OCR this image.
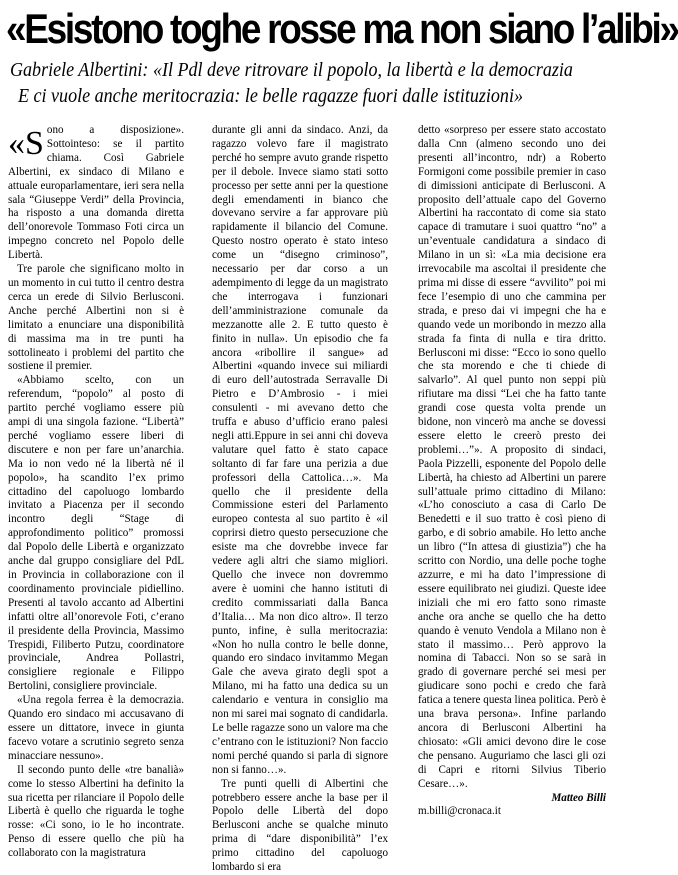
«Esistono toghe rosse ma non siano l’alibi»
Gabriele Albertini: «Il Pdl deve ritrovare il popolo, la libertà e la democrazia
E ci vuole anche meritocrazia: le belle ragazze fuori dalle istituzioni»

«Sono a disposizione». Sottointeso: se il partito chiama. Così Gabriele Albertini, ex sindaco di Milano e attuale europarlamentare, ieri sera nella sala “Giuseppe Verdi” della Provincia, ha risposto a una domanda diretta dell’onorevole Tommaso Foti circa un impegno concreto nel Popolo delle Libertà.

Tre parole che significano molto in un momento in cui tutto il centro destra cerca un erede di Silvio Berlusconi. Anche perché Albertini non si è limitato a enunciare una disponibilità di massima ma in tre punti ha sottolineato i problemi del partito che sostiene il premier.

«Abbiamo scelto, con un referendum, “popolo” al posto di partito perché vogliamo essere più ampi di una singola fazione. “Libertà” perché vogliamo essere liberi di discutere e non per fare un’anarchia. Ma io non vedo né la libertà né il popolo», ha scandito l’ex primo cittadino del capoluogo lombardo invitato a Piacenza per il secondo incontro degli “Stage di approfondimento politico” promossi dal Popolo delle Libertà e organizzato anche dal gruppo consigliare del PdL in Provincia in collaborazione con il coordinamento provinciale pidiellino. Presenti al tavolo accanto ad Albertini infatti oltre all’onorevole Foti, c’erano il presidente della Provincia, Massimo Trespidi, Filiberto Putzu, coordinatore provinciale, Andrea Pollastri, consigliere regionale e Filippo Bertolini, consigliere provinciale.

«Una regola ferrea è la democrazia. Quando ero sindaco mi accusavano di essere un dittatore, invece in giunta facevo votare a scrutinio segreto senza minacciare nessuno».

Il secondo punto delle «tre banalià» come lo stesso Albertini ha definito la sua ricetta per rilanciare il Popolo delle Libertà è quello che riguarda le toghe rosse: «Ci sono, io le ho incontrate. Penso di essere quello che più ha collaborato con la magistratura

durante gli anni da sindaco. Anzi, da ragazzo volevo fare il magistrato perché ho sempre avuto grande rispetto per il debole. Invece siamo stati sotto processo per sette anni per la questione degli emendamenti in bianco che dovevano servire a far approvare più rapidamente il bilancio del Comune. Questo nostro operato è stato inteso come un “disegno criminoso”, necessario per dar corso a un adempimento di legge da un magistrato che interrogava i funzionari dell’amministrazione comunale da mezzanotte alle 2. E tutto questo è finito in nulla». Un episodio che fa ancora «ribollire il sangue» ad Albertini «quando invece sui miliardi di euro dell’autostrada Serravalle Di Pietro e D’Ambrosio - i miei consulenti - mi avevano detto che truffa e abuso d’ufficio erano palesi negli atti.Eppure in sei anni chi doveva valutare quel fatto è stato capace soltanto di far fare una perizia a due professori della Cattolica…». Ma quello che il presidente della Commissione esteri del Parlamento europeo contesta al suo partito è «il coprirsi dietro questo persecuzione che esiste ma che dovrebbe invece far vedere agli altri che siamo migliori. Quello che invece non dovremmo avere è uomini che hanno istituti di credito commissariati dalla Banca d’Italia… Ma non dico altro». Il terzo punto, infine, è sulla meritocrazia: «Non ho nulla contro le belle donne, quando ero sindaco invitammo Megan Gale che aveva girato degli spot a Milano, mi ha fatto una dedica su un calendario e ventura in consiglio ma non mi sarei mai sognato di candidarla. Le belle ragazze sono un valore ma che c’entrano con le istituzioni? Non faccio nomi perché quando si parla di signore non si fanno…».

Tre punti quelli di Albertini che potrebbero essere anche la base per il Popolo delle Libertà del dopo Berlusconi anche se qualche minuto prima di “dare disponibilità” l’ex primo cittadino del capoluogo lombardo si era

detto «sorpreso per essere stato accostato dalla Cnn (almeno secondo uno dei presenti all’incontro, ndr) a Roberto Formigoni come possibile premier in caso di dimissioni anticipate di Berlusconi. A proposito dell’attuale capo del Governo Albertini ha raccontato di come sia stato capace di tramutare i suoi quattro “no” a un’eventuale candidatura a sindaco di Milano in un sì: «La mia decisione era irrevocabile ma ascoltai il presidente che prima mi disse di essere “avvilito” poi mi fece l’esempio di uno che cammina per strada, e preso dai vi impegni che ha e quando vede un moribondo in mezzo alla strada fa finta di nulla e tira dritto. Berlusconi mi disse: “Ecco io sono quello che sta morendo e che ti chiede di salvarlo”. Al quel punto non seppi più rifiutare ma dissi “Lei che ha fatto tante grandi cose questa volta prende un bidone, non vincerò ma anche se dovessi essere eletto le creerò presto dei problemi…”». A proposito di sindaci, Paola Pizzelli, esponente del Popolo delle Libertà, ha chiesto ad Albertini un parere sull’attuale primo cittadino di Milano: «L’ho conosciuto a casa di Carlo De Benedetti e il suo tratto è così pieno di garbo, e di sobrio amabile. Ho letto anche un libro (“In attesa di giustizia”) che ha scritto con Nordio, una delle poche toghe azzurre, e mi ha dato l’impressione di essere equilibrato nei giudizi. Queste idee iniziali che mi ero fatto sono rimaste anche ora anche se quello che ha detto quando è venuto Vendola a Milano non è stato il massimo… Però approvo la nomina di Tabacci. Non so se sarà in grado di governare perché sei mesi per giudicare sono pochi e credo che farà fatica a tenere questa linea politica. Però è una brava persona». Infine parlando ancora di Berlusconi Albertini ha chiosato: «Gli amici devono dire le cose che pensano. Auguriamo che lasci gli ozi di Capri e ritorni Silvius Tiberio Cesare…».

Matteo Billi

m.billi@cronaca.it
